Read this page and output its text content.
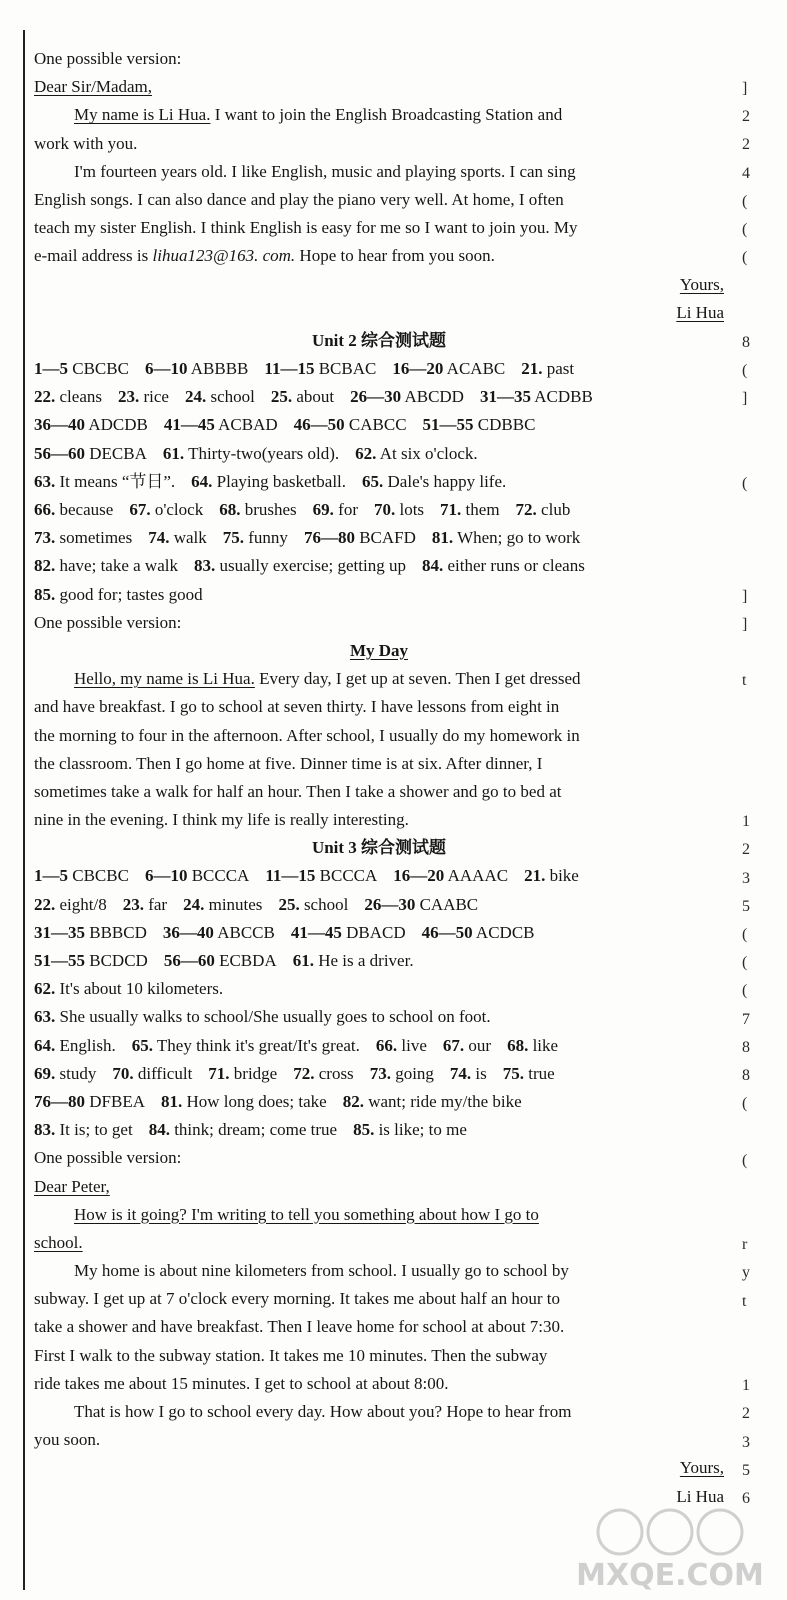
One possible version:
Dear Sir/Madam,
My name is Li Hua. I want to join the English Broadcasting Station and
work with you.
I'm fourteen years old. I like English, music and playing sports. I can sing
English songs. I can also dance and play the piano very well. At home, I often
teach my sister English. I think English is easy for me so I want to join you. My
e-mail address is lihua123@163. com. Hope to hear from you soon.
Yours,
Li Hua
Unit 2 综合测试题
1—5 CBCBC 6—10 ABBBB 11—15 BCBAC 16—20 ACABC 21. past
22. cleans 23. rice 24. school 25. about 26—30 ABCDD 31—35 ACDBB
36—40 ADCDB 41—45 ACBAD 46—50 CABCC 51—55 CDBBC
56—60 DECBA 61. Thirty-two(years old). 62. At six o'clock.
63. It means “节日”. 64. Playing basketball. 65. Dale's happy life.
66. because 67. o'clock 68. brushes 69. for 70. lots 71. them 72. club
73. sometimes 74. walk 75. funny 76—80 BCAFD 81. When; go to work
82. have; take a walk 83. usually exercise; getting up 84. either runs or cleans
85. good for; tastes good
One possible version:
My Day
Hello, my name is Li Hua. Every day, I get up at seven. Then I get dressed
and have breakfast. I go to school at seven thirty. I have lessons from eight in
the morning to four in the afternoon. After school, I usually do my homework in
the classroom. Then I go home at five. Dinner time is at six. After dinner, I
sometimes take a walk for half an hour. Then I take a shower and go to bed at
nine in the evening. I think my life is really interesting.
Unit 3 综合测试题
1—5 CBCBC 6—10 BCCCA 11—15 BCCCA 16—20 AAAAC 21. bike
22. eight/8 23. far 24. minutes 25. school 26—30 CAABC
31—35 BBBCD 36—40 ABCCB 41—45 DBACD 46—50 ACDCB
51—55 BCDCD 56—60 ECBDA 61. He is a driver.
62. It's about 10 kilometers.
63. She usually walks to school/She usually goes to school on foot.
64. English. 65. They think it's great/It's great. 66. live 67. our 68. like
69. study 70. difficult 71. bridge 72. cross 73. going 74. is 75. true
76—80 DFBEA 81. How long does; take 82. want; ride my/the bike
83. It is; to get 84. think; dream; come true 85. is like; to me
One possible version:
Dear Peter,
How is it going? I'm writing to tell you something about how I go to
school.
My home is about nine kilometers from school. I usually go to school by
subway. I get up at 7 o'clock every morning. It takes me about half an hour to
take a shower and have breakfast. Then I leave home for school at about 7:30.
First I walk to the subway station. It takes me 10 minutes. Then the subway
ride takes me about 15 minutes. I get to school at about 8:00.
That is how I go to school every day. How about you? Hope to hear from
you soon.
Yours,
Li Hua
]
2
2
4
(
(
(
8
(
]
(
]
]
t
1
2
3
5
(
(
(
7
8
8
(
(
r
y
t
1
2
3
5
6
MXQE.COM
